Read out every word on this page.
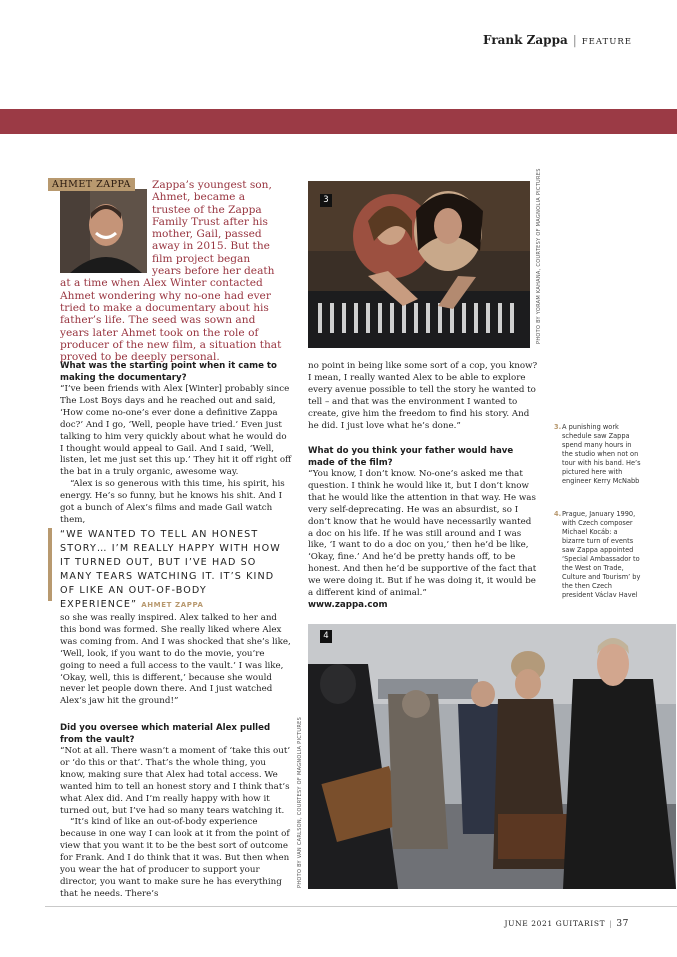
Frank Zappa | FEATURE
AHMET ZAPPA	Zappa’s youngest son, Ahmet, became a trustee of the Zappa Family Trust after his mother, Gail, passed away in 2015. But the film project began years before her death at a time when Alex Winter contacted Ahmet wondering why no-one had ever tried to make a documentary about his father’s life. The seed was sown and years later Ahmet took on the role of producer of the new film, a situation that proved to be deeply personal.

What was the starting point when it came to making the documentary?

“I’ve been friends with Alex [Winter] probably since The Lost Boys days and he reached out and said, ‘How come no-one’s ever done a definitive Zappa doc?’ And I go, ‘Well, people have tried.’ Even just talking to him very quickly about what he would do I thought would appeal to Gail. And I said, ‘Well, listen, let me just set this up.’ They hit it off right off the bat in a truly organic, awesome way.

“Alex is so generous with this time, his spirit, his energy. He’s so funny, but he knows his shit. And I got a bunch of Alex’s films and made Gail watch them,

“WE WANTED TO TELL AN HONEST STORY… I’M REALLY HAPPY WITH HOW IT TURNED OUT, BUT I’VE HAD SO MANY TEARS WATCHING IT. IT’S KIND OF LIKE AN OUT-OF-BODY EXPERIENCE” AHMET ZAPPA

so she was really inspired. Alex talked to her and this bond was formed. She really liked where Alex was coming from. And I was shocked that she’s like, ‘Well, look, if you want to do the movie, you’re going to need a full access to the vault.’ I was like, ‘Okay, well, this is different,’ because she would never let people down there. And I just watched Alex’s jaw hit the ground!”

Did you oversee which material Alex pulled from the vault?

“Not at all. There wasn’t a moment of ‘take this out’ or ‘do this or that’. That’s the whole thing, you know, making sure that Alex had total access. We wanted him to tell an honest story and I think that’s what Alex did. And I’m really happy with how it turned out, but I’ve had so many tears watching it.

“It’s kind of like an out-of-body experience because in one way I can look at it from the point of view that you want it to be the best sort of outcome for Frank. And I do think that it was. But then when you wear the hat of producer to support your director, you want to make sure he has everything that he needs. There’s

no point in being like some sort of a cop, you know? I mean, I really wanted Alex to be able to explore every avenue possible to tell the story he wanted to tell – and that was the environment I wanted to create, give him the freedom to find his story. And he did. I just love what he’s done.”

What do you think your father would have made of the film?

“You know, I don’t know. No-one’s asked me that question. I think he would like it, but I don’t know that he would like the attention in that way. He was very self-deprecating. He was an absurdist, so I don’t know that he would have necessarily wanted a doc on his life. If he was still around and I was like, ‘I want to do a doc on you,’ then he’d be like, ‘Okay, fine.’ And he’d be pretty hands off, to be honest. And then he’d be supportive of the fact that we were doing it. But if he was doing it, it would be a different kind of animal.”

www.zappa.com

3	PHOTO BY YORAM KAHANA, COURTESY OF MAGNOLIA PICTURES
4
PHOTO BY VAN CARLSON, COURTESY OF MAGNOLIA PICTURES
3. A punishing work schedule saw Zappa spend many hours in the studio when not on tour with his band. He’s pictured here with engineer Kerry McNabb
4. Prague, January 1990, with Czech composer Michael Kocáb: a bizarre turn of events saw Zappa appointed ‘Special Ambassador to the West on Trade, Culture and Tourism’ by the then Czech president Václav Havel
JUNE 2021 GUITARIST | 37
